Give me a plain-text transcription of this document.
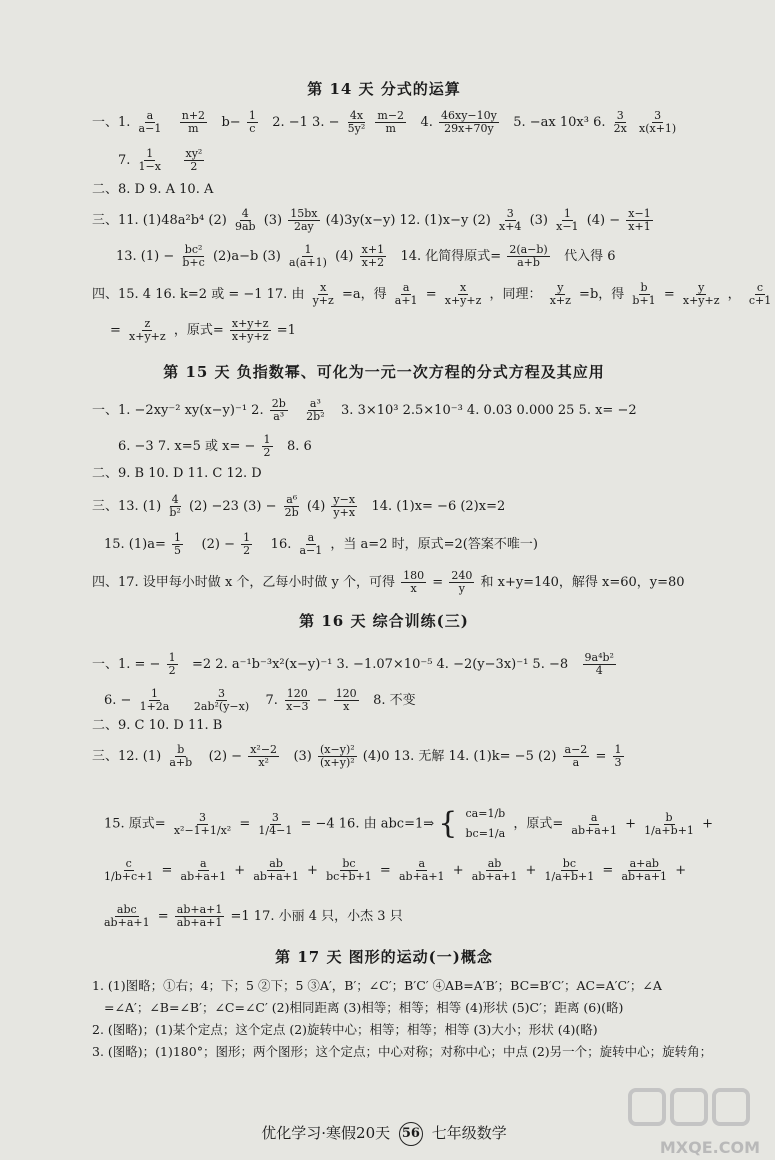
第 14 天 分式的运算
一、1. $\frac{a}{a-1}$
$\frac{n+2}{m} b- \frac{1}{c} 2$. −1 3. − $\frac{4x}{\text{5y²}}$
$\frac{m-2}{m} 4$. $\frac{46xy-10y}{29x+70y} 5$. −ax 10x³ 6. $\frac{3}{2x}$
$\frac{3}{x(x+1)}$
7. $\frac{1}{1-x}$
$\frac{\text{xy²}}{2}$
二、8. D 9. A 10. A
三、11. (1)48a²b⁴ $(2) \frac{4}{9ab} (3) \frac{15bx}{2ay} (4)3y(x-y)$ 12. (1)x−y $(2) \frac{3}{x+4} (3) \frac{1}{x-1} (4) - \frac{x-1}{x+1}$
13. $(1) - \frac{\text{bc²}}{b+c} (2)a-b$ $(3) \frac{1}{a(a+1)} (4) \frac{x+1}{x+2} 14$. 化简得原式= $\frac{2(a-b)}{a+b}$ 代入得 6
四、15. 4 16. k=2 或 = −1 17. 由 $\frac{x}{y+z} =a$，得 $\frac{a}{a+1} = \frac{x}{x+y+z}$ ，同理： $\frac{y}{x+z} =b$，得 $\frac{b}{b+1} = \frac{y}{x+y+z}$ ， $\frac{c}{c+1}$
= $\frac{z}{x+y+z}$ ，原式= $\frac{x+y+z}{x+y+z} =1$
第 15 天 负指数幂、可化为一元一次方程的分式方程及其应用
一、1. −2xy⁻² xy(x−y)⁻¹ 2. $\frac{2b}{\text{a³}}$
$\frac{\text{a³}}{\text{2b²}} 3$. 3×10³ 2.5×10⁻³ 4. 0.03 0.000 25 5. x= −2
6. −3 7. x=5 或 $x= - \frac{1}{2} 8$. 6
二、9. B 10. D 11. C 12. D
三、13. $(1) \frac{4}{\text{b²}} (2) -23$ $(3) - \frac{\text{a⁶}}{2b} (4) \frac{y-x}{y+x} 14$. (1)x= −6 (2)x=2
15. $(1)a= \frac{1}{5} (2) - \frac{1}{2} 16$. $\frac{a}{a-1}$ ，当 a=2 时，原式=2(答案不唯一)
四、17. 设甲每小时做 x 个，乙每小时做 y 个，可得 $\frac{180}{x} = \frac{240}{y}$ 和 x+y=140，解得 x=60，y=80
第 16 天 综合训练(三)
一、1. = − $\frac{1}{2} =2$ 2. a⁻¹b⁻³x²(x−y)⁻¹ 3. −1.07×10⁻⁵ 4. −2(y−3x)⁻¹ 5. $-8 \frac{\text{9a⁴b²}}{4}$
6. − $\frac{1}{1+2a}$
$\frac{3}{\text{2ab²(y−x)}} 7$. $\frac{120}{x-3} - \frac{120}{x} 8$. 不变
二、9. C 10. D 11. B
三、12. $(1) \frac{b}{a+b} (2) - \frac{\text{x²−2}}{\text{x²}} (3) \frac{\text{(x−y)²}}{\text{(x+y)²}} (4)0$ 13. 无解 14. (1)k= −5 $(2) \frac{a-2}{a} = \frac{1}{3}$
15. 原式= $\frac{3}{\text{x²−1+1/x²}} = \frac{3}{1/4-1} = -4$ 16. 由 abc=1⇒ { ca=1/b
bc=1/a
，原式= $\frac{a}{ab+a+1} + \frac{b}{1/a+b+1}$ +
$\frac{c}{1/b+c+1} = \frac{a}{ab+a+1} + \frac{ab}{ab+a+1} + \frac{bc}{bc+b+1} = \frac{a}{ab+a+1} + \frac{ab}{ab+a+1} + \frac{bc}{1/a+b+1} = \frac{a+ab}{ab+a+1}$ +
abc
$ab+a+1 = \frac{ab+a+1}{ab+a+1} =1$ 17. 小丽 4 只，小杰 3 只
第 17 天 图形的运动(一)概念
1. (1)图略；①右；4；下；5 ②下；5 ③A′，B′；∠C′；B′C′ ④AB=A′B′；BC=B′C′；AC=A′C′；∠A
=∠A′；∠B=∠B′；∠C=∠C′ (2)相同距离 (3)相等；相等；相等 (4)形状 (5)C′；距离 (6)(略)
2. (图略)；(1)某个定点；这个定点 (2)旋转中心；相等；相等；相等 (3)大小；形状 (4)(略)
3. (图略)；(1)180°；图形；两个图形；这个定点；中心对称；对称中心；中点 (2)另一个；旋转中心；旋转角；
优化学习·寒假20天 56 七年级数学
MXQE.COM
